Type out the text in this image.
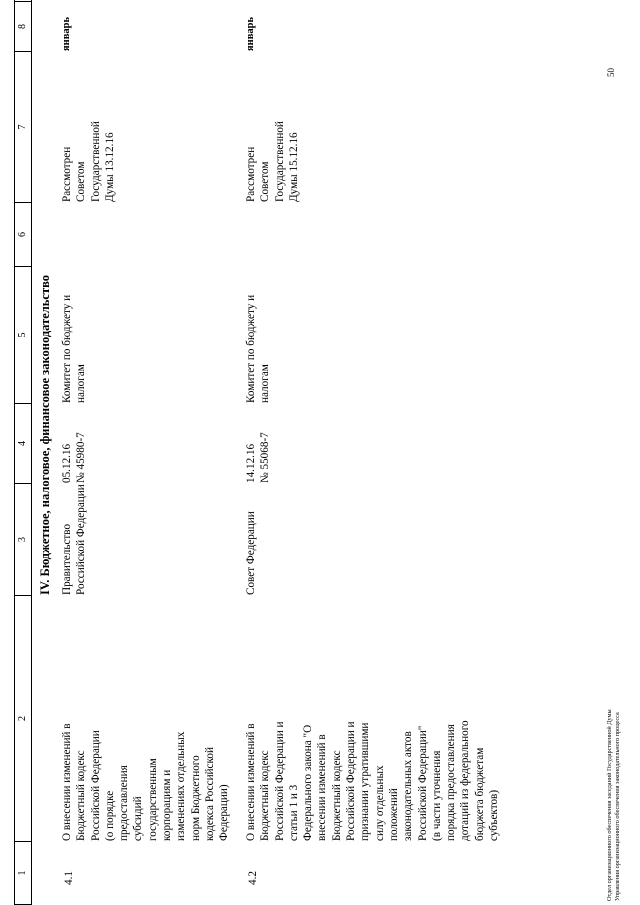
1
2
3
4
5
6
7
8
IV. Бюджетное, налоговое, финансовое законодательство
4.1
О внесении изменений в
Бюджетный кодекс
Российской Федерации
(о порядке
предоставления
субсидий
государственным
корпорациям и
изменениях отдельных
норм Бюджетного
кодекса Российской
Федерации)
Правительство
Российской Федерации
05.12.16
№ 45980-7
Комитет по бюджету и
налогам
Рассмотрен
Советом
Государственной
Думы 13.12.16
январь
4.2
О внесении изменений в
Бюджетный кодекс
Российской Федерации и
статьи 1 и 3
Федерального закона "О
внесении изменений в
Бюджетный кодекс
Российской Федерации и
признании утратившими
силу отдельных
положений
законодательных актов
Российской Федерации"
(в части уточнения
порядка предоставления
дотаций из федерального
бюджета бюджетам
субъектов)
Совет Федерации
14.12.16
№ 55068-7
Комитет по бюджету и
налогам
Рассмотрен
Советом
Государственной
Думы 15.12.16
январь
Отдел организационного обеспечения заседаний Государственной Думы Управления организационного обеспечения законодательного процесса
50
